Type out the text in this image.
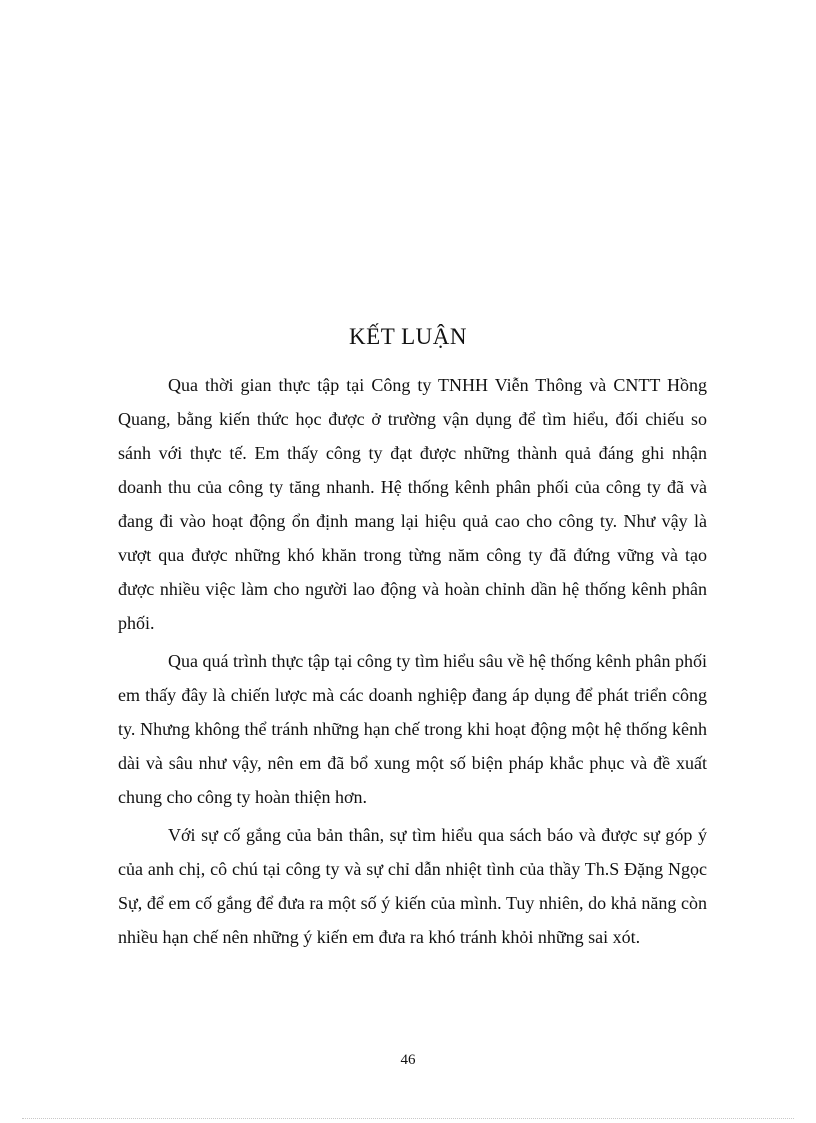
KẾT LUẬN

Qua thời gian thực tập tại Công ty TNHH Viễn Thông và CNTT Hồng Quang, bằng kiến thức học được ở trường vận dụng để tìm hiểu, đối chiếu so sánh với thực tế. Em thấy công ty đạt được những thành quả đáng ghi nhận doanh thu của công ty tăng nhanh. Hệ thống kênh phân phối của công ty đã và đang đi vào hoạt động ổn định mang lại hiệu quả cao cho công ty. Như vậy là vượt qua được những khó khăn trong từng năm công ty đã đứng vững và tạo được nhiều việc làm cho người lao động và hoàn chỉnh dần hệ thống kênh phân phối.

Qua quá trình thực tập tại công ty tìm hiểu sâu về hệ thống kênh phân phối em thấy đây là chiến lược mà các doanh nghiệp đang áp dụng để phát triển công ty. Nhưng không thể tránh những hạn chế trong khi hoạt động một hệ thống kênh dài và sâu như vậy, nên em đã bổ xung một số biện pháp khắc phục và đề xuất chung cho công ty hoàn thiện hơn.

Với sự cố gắng của bản thân, sự tìm hiểu qua sách báo và được sự góp ý của anh chị, cô chú tại công ty và sự chỉ dẫn nhiệt tình của thầy Th.S Đặng Ngọc Sự, để em cố gắng để đưa ra một số ý kiến của mình. Tuy nhiên, do khả năng còn nhiều hạn chế nên những ý kiến em đưa ra khó tránh khỏi những sai xót.

46
